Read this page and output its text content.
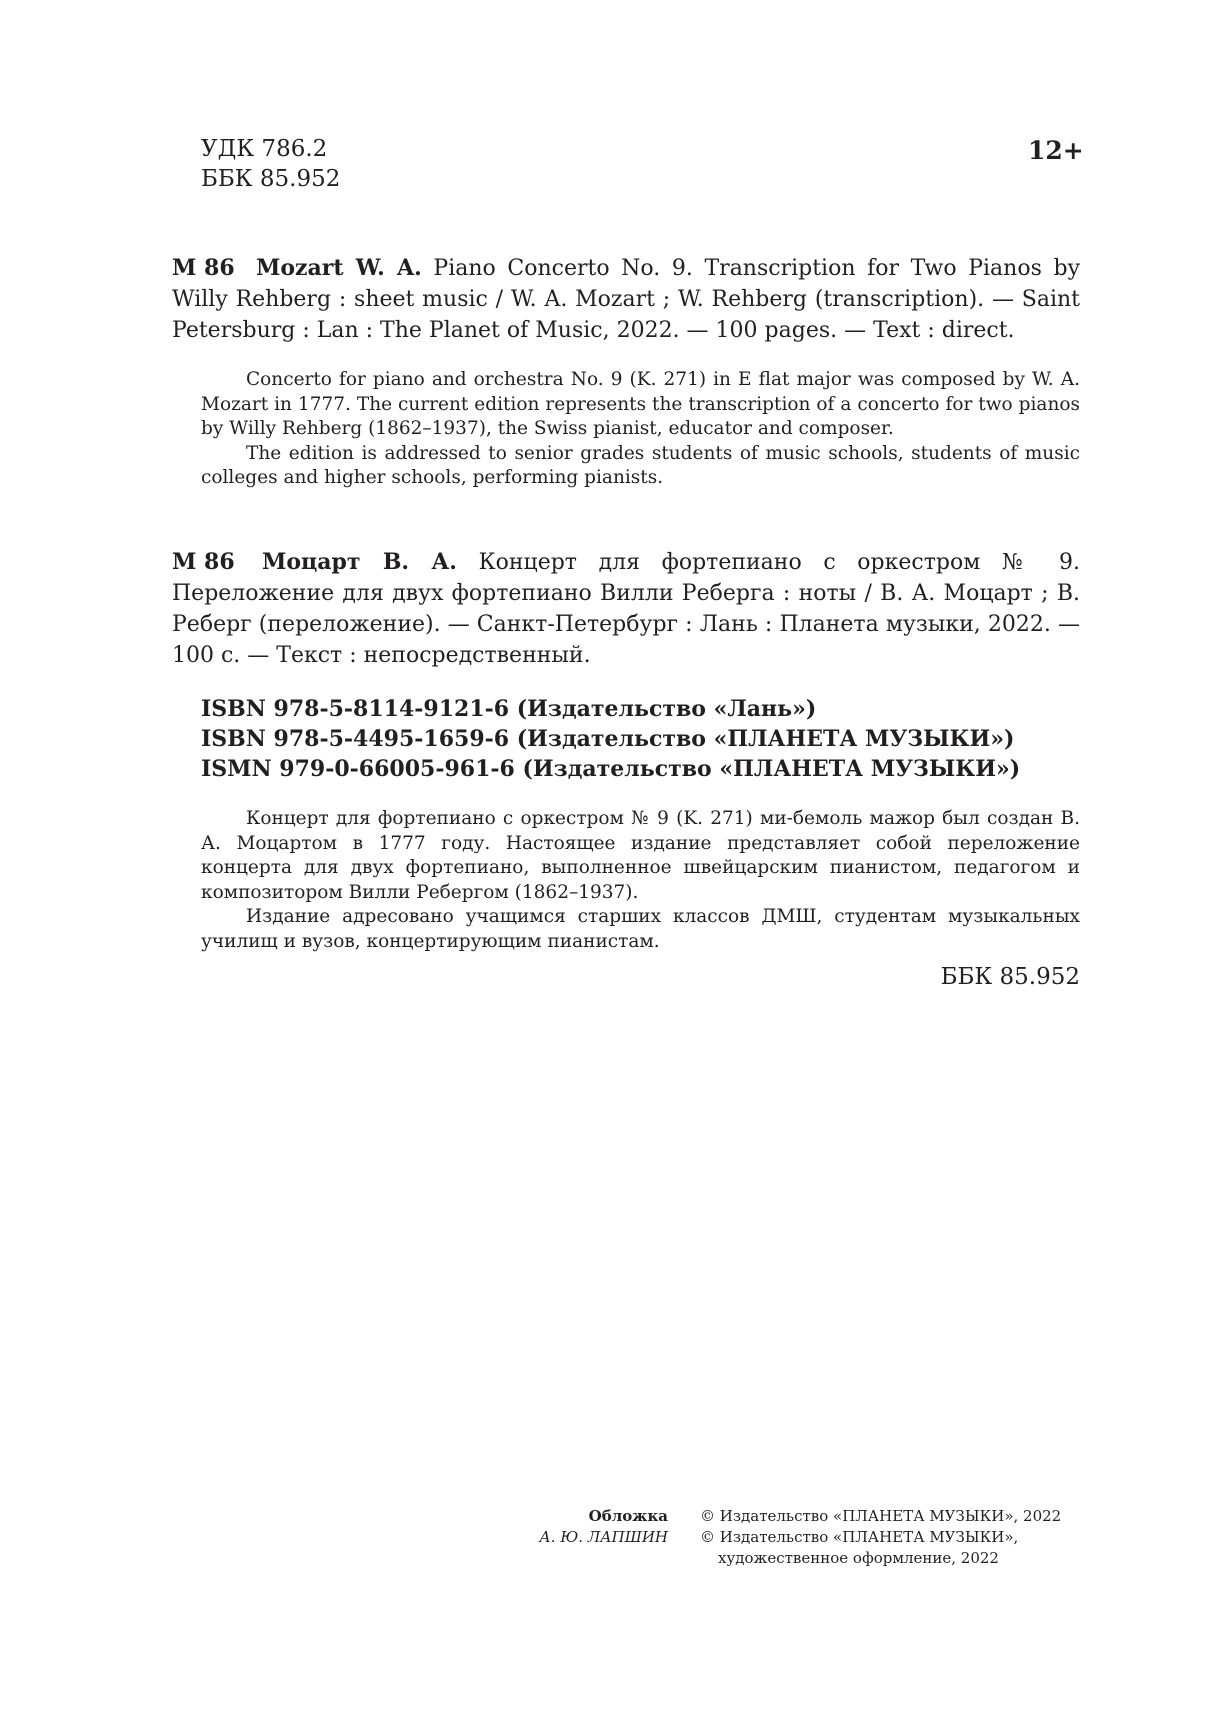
УДК 786.2
ББК 85.952
12+
M 86 Mozart W. A. Piano Concerto No. 9. Transcription for Two Pianos by Willy Rehberg : sheet music / W. A. Mozart ; W. Rehberg (transcription). — Saint Petersburg : Lan : The Planet of Music, 2022. — 100 pages. — Text : direct.

Concerto for piano and orchestra No. 9 (K. 271) in E flat major was composed by W. A. Mozart in 1777. The current edition represents the transcription of a concerto for two pianos by Willy Rehberg (1862–1937), the Swiss pianist, educator and composer.

The edition is addressed to senior grades students of music schools, students of music colleges and higher schools, performing pianists.

М 86 Моцарт В. А. Концерт для фортепиано с оркестром № 9. Переложение для двух фортепиано Вилли Реберга : ноты / В. А. Моцарт ; В. Реберг (переложение). — Санкт-Петербург : Лань : Планета музыки, 2022. — 100 с. — Текст : непосредственный.
ISBN 978-5-8114-9121-6 (Издательство «Лань»)
ISBN 978-5-4495-1659-6 (Издательство «ПЛАНЕТА МУЗЫКИ»)
ISMN 979-0-66005-961-6 (Издательство «ПЛАНЕТА МУЗЫКИ»)

Концерт для фортепиано с оркестром № 9 (K. 271) ми-бемоль мажор был создан В. А. Моцартом в 1777 году. Настоящее издание представляет собой переложение концерта для двух фортепиано, выполненное швейцарским пианистом, педагогом и композитором Вилли Ребергом (1862–1937).

Издание адресовано учащимся старших классов ДМШ, студентам музыкальных училищ и вузов, концертирующим пианистам.

ББК 85.952
Обложка
А. Ю. ЛАПШИН
© Издательство «ПЛАНЕТА МУЗЫКИ», 2022
© Издательство «ПЛАНЕТА МУЗЫКИ»,
художественное оформление, 2022
